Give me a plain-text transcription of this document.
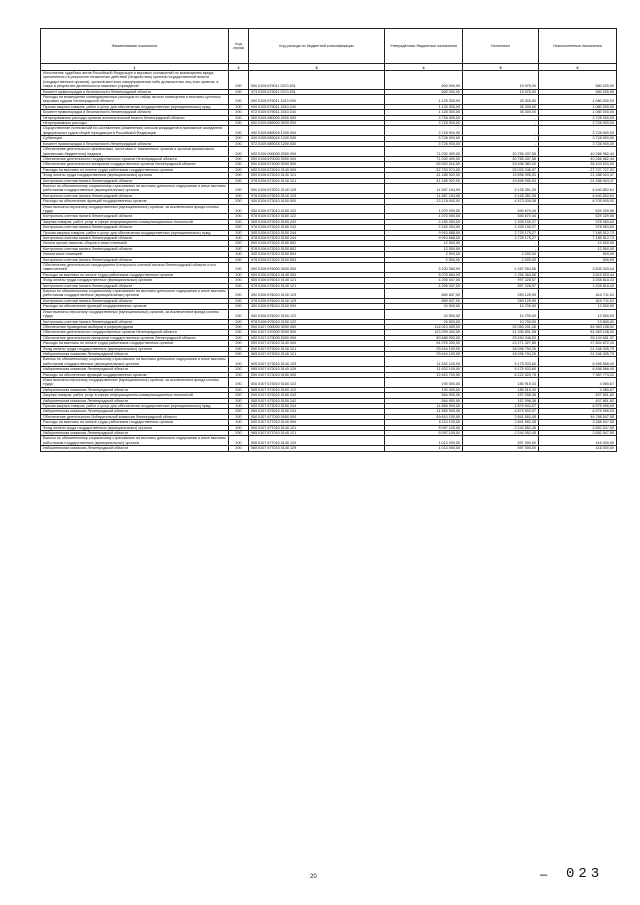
Наименование показателя	Код строки	Код расхода по бюджетной классификации	Утвержденные бюджетные назначения	Исполнено	Неисполненные назначения
1	2	3	4	5	6
Исполнение судебных актов Российской Федерации и мировых соглашений по возмещению вреда, причиненного в результате незаконных действий (бездействия) органов государственной власти (государственных органов), органов местного самоуправления либо должностных лиц этих органов, а также в результате деятельности казенных учреждений	200	000 0105 679011 0370 831	600 000,00	19 975,00	580 025,00
Комитет правопорядка и безопасности Ленинградской области	200	973 0105 679011 0370 831	600 000,00	19 975,00	580 025,00
Расходы на возмещение командировочных расходов по найму жилого помещения и выплаты суточных мировым судьям Ленинградской области	200	000 0105 679011 1510 000	1 125 300,00	45 300,00	1 080 000,00
Прочая закупка товаров, работ и услуг для обеспечения государственных (муниципальных) нужд	200	000 0105 679011 1510 244	1 125 300,00	45 300,00	1 080 000,00
Комитет правопорядка и безопасности Ленинградской области	200	972 0105 679011 1510 244	1 125 300,00	45 300,00	1 080 000,00
Непрограммные расходы органов исполнительной власти Ленинградской области	200	000 0105 680000 0000 000	3 728 900,00	-	3 728 900,00
Непрограммные расходы	200	000 0105 689000 0000 000	3 728 900,00	-	3 728 900,00
Осуществление полномочий по составлению (изменению) списков кандидатов в присяжные заседатели федеральных судов общей юрисдикции в Российской Федерации	200	000 0105 689015 1200 000	3 728 900,00	-	3 728 900,00
Субвенции	200	000 0105 689015 1200 530	3 728 900,00	-	3 728 900,00
Комитет правопорядка и безопасности Ленинградской области	200	972 0105 689015 1200 530	3 728 900,00	-	3 728 900,00
Обеспечение деятельности финансовых, налоговых и таможенных органов и органов финансового (финансово-бюджетного) надзора	200	000 0106 000000 0000 000	71 032 400,00	30 765 437,58	40 266 962,44
Обеспечение деятельности государственных органов Ленинградской области	200	000 0106 670000 0000 000	71 032 400,00	30 765 437,58	40 266 962,44
Обеспечение деятельности аппаратов государственных органов Ленинградской области	200	000 0106 673000 0000 000	65 932 016,00	29 498 383,00	36 433 633,00
Расходы на выплаты по оплате труда работников государственных органов	200	000 0106 673010 0140 000	52 753 074,00	25 025 346,97	27 727 727,03
Фонд оплаты труда государственных (муниципальных) органов	200	000 0106 673010 0140 121	41 185 922,00	19 896 995,53	21 288 924,47
Контрольно-счетная палата Ленинградской области	200	978 0106 673010 0140 121	41 185 922,00	19 896 995,53	21 288 924,47
Взносы по обязательному социальному страхованию на выплаты денежного содержания и иные выплаты работникам государственных (муниципальных) органов	200	000 0106 673010 0140 129	11 567 154,00	5 126 351,39	6 440 802,61
Контрольно-счетная палата Ленинградской области	200	978 0106 673010 0140 129	11 567 154,00	5 126 351,39	6 440 802,61
Расходы на обеспечение функций государственных органов	200	000 0106 673010 0150 000	13 178 942,00	4 473 036,08	8 705 905,92
Иные выплаты персоналу государственных (муниципальных) органов, за исключением фонда оплаты труда	200	000 0106 673010 0150 122	1 070 000,00	540 670,44	529 329,56
Контрольно-счетная палата Ленинградской области	200	978 0106 673010 0150 122	1 070 000,00	540 670,44	529 329,56
Закупка товаров, работ, услуг в сфере информационно-коммуникационных технологий	200	000 0106 673010 0150 242	2 183 254,00	1 205 190,37	978 063,63
Контрольно-счетная палата Ленинградской области	200	978 0106 673010 0150 242	2 183 254,00	1 205 190,37	978 063,63
Прочая закупка товаров, работ и услуг для обеспечения государственных (муниципальных) нужд	200	000 0106 673010 0150 244	9 910 688,00	2 725 175,27	7 185 512,73
Контрольно-счетная палата Ленинградской области	200	978 0106 673010 0150 244	9 910 688,00	2 725 175,27	7 185 512,73
Уплата прочих налогов, сборов и иных платежей	200	000 0106 673010 0150 852	12 500,00	-	12 500,00
Контрольно-счетная палата Ленинградской области	200	978 0106 673010 0150 852	12 500,00	-	12 500,00
Уплата иных платежей	200	000 0106 673010 0150 853	2 500,00	2 000,00	500,00
Контрольно-счетная палата Ленинградской области	200	978 0106 673010 0150 853	2 500,00	2 000,00	500,00
Обеспечение деятельности председателя Контрольно-счетной палаты Ленинградской области и его заместителей	200	000 0106 676000 0000 000	5 100 384,00	1 267 054,56	3 833 329,44
Расходы на выплаты по оплате труда работников государственных органов	200	000 0106 676010 0140 000	5 075 884,00	1 256 364,56	3 819 529,44
Фонд оплаты труда государственных (муниципальных) органов	200	000 0106 676010 0140 121	4 206 047,00	997 228,57	3 208 818,43
Контрольно-счетная палата Ленинградской области	200	978 0106 676010 0140 121	4 206 047,00	997 228,57	3 208 818,43
Взносы по обязательному социальному страхованию на выплаты денежного содержания и иные выплаты работникам государственных (муниципальных) органов	200	000 0106 676010 0140 129	869 837,00	259 125,99	610 711,01
Контрольно-счетная палата Ленинградской области	200	978 0106 676010 0140 129	869 837,00	259 125,99	610 711,01
Расходы на обеспечение функций государственных органов	200	000 0106 676010 0150 000	24 500,00	10 700,00	13 800,00
Иные выплаты персоналу государственных (муниципальных) органов, за исключением фонда оплаты труда	200	000 0106 676010 0150 122	24 500,00	10 700,00	13 800,00
Контрольно-счетная палата Ленинградской области	200	978 0106 676010 0150 122	24 500,00	10 700,00	13 800,00
Обеспечение проведения выборов и референдумов	200	000 0107 000000 0000 000	114 013 400,00	32 050 201,08	81 963 198,92
Обеспечение деятельности государственных органов Ленинградской области	200	000 0107 670000 0000 000	113 299 400,00	31 335 801,08	81 963 198,92
Обеспечение деятельности аппаратов государственных органов Ленинградской области	200	000 0107 673000 0000 000	60 688 900,00	25 494 248,63	35 194 651,37
Расходы на выплаты по оплате труда работников государственных органов	200	000 0107 673010 0140 000	51 076 200,00	23 271 327,85	27 804 872,15
Фонд оплаты труда государственных (муниципальных) органов	200	000 0107 673010 0140 121	39 444 100,00	18 096 794,25	21 348 305,75
Избирательная комиссия Ленинградской области	200	065 0107 673010 0140 121	39 444 100,00	18 096 794,25	21 348 305,75
Взносы по обязательному социальному страхованию на выплаты денежного содержания и иные выплаты работникам государственных (муниципальных) органов	200	000 0107 673010 0140 129	11 632 100,00	5 175 533,60	6 456 566,40
Избирательная комиссия Ленинградской области	200	065 0107 673010 0140 129	11 632 100,00	5 175 533,60	6 456 566,40
Расходы на обеспечение функций государственных органов	200	000 0107 673010 0150 000	12 610 700,00	6 222 920,78	7 387 779,22
Иные выплаты персоналу государственных (муниципальных) органов, за исключением фонда оплаты труда	200	000 0107 673010 0150 122	190 000,00	185 919,33	4 080,67
Избирательная комиссия Ленинградской области	200	065 0107 673010 0150 122	190 000,00	185 919,33	4 080,67
Закупка товаров, работ, услуг в сфере информационно-коммуникационных технологий	200	000 0107 673010 0150 242	564 900,00	157 098,38	407 801,62
Избирательная комиссия Ленинградской области	200	065 0107 673010 0150 242	564 900,00	157 098,38	407 801,62
Прочая закупка товаров, работ и услуг для обеспечения государственных (муниципальных) нужд	200	000 0107 673010 0150 244	11 855 900,00	4 879 903,07	6 975 996,93
Избирательная комиссия Ленинградской области	200	065 0107 673010 0150 244	11 855 900,00	4 879 903,07	6 975 996,93
Обеспечение деятельности Избирательной комиссии Ленинградской области	200	000 0107 677000 0000 000	49 610 100,00	2 841 552,45	46 768 547,55
Расходы на выплаты по оплате труда работников государственных органов	200	000 0107 677010 0140 000	6 110 100,00	2 841 552,45	3 268 547,55
Фонд оплаты труда государственных (муниципальных) органов	200	000 0107 677010 0140 121	5 097 100,00	2 244 552,45	2 852 547,55
Избирательная комиссия Ленинградской области	200	065 0107 677010 0140 121	5 097 100,00	2 244 552,45	2 852 547,55
Взносы по обязательному социальному страхованию на выплаты денежного содержания и иные выплаты работникам государственных (муниципальных) органов	200	000 0107 677010 0140 129	1 013 000,00	597 000,00	416 000,00
Избирательная комиссия Ленинградской области	200	065 0107 677010 0140 129	1 013 000,00	597 000,00	416 000,00
20	— 023
